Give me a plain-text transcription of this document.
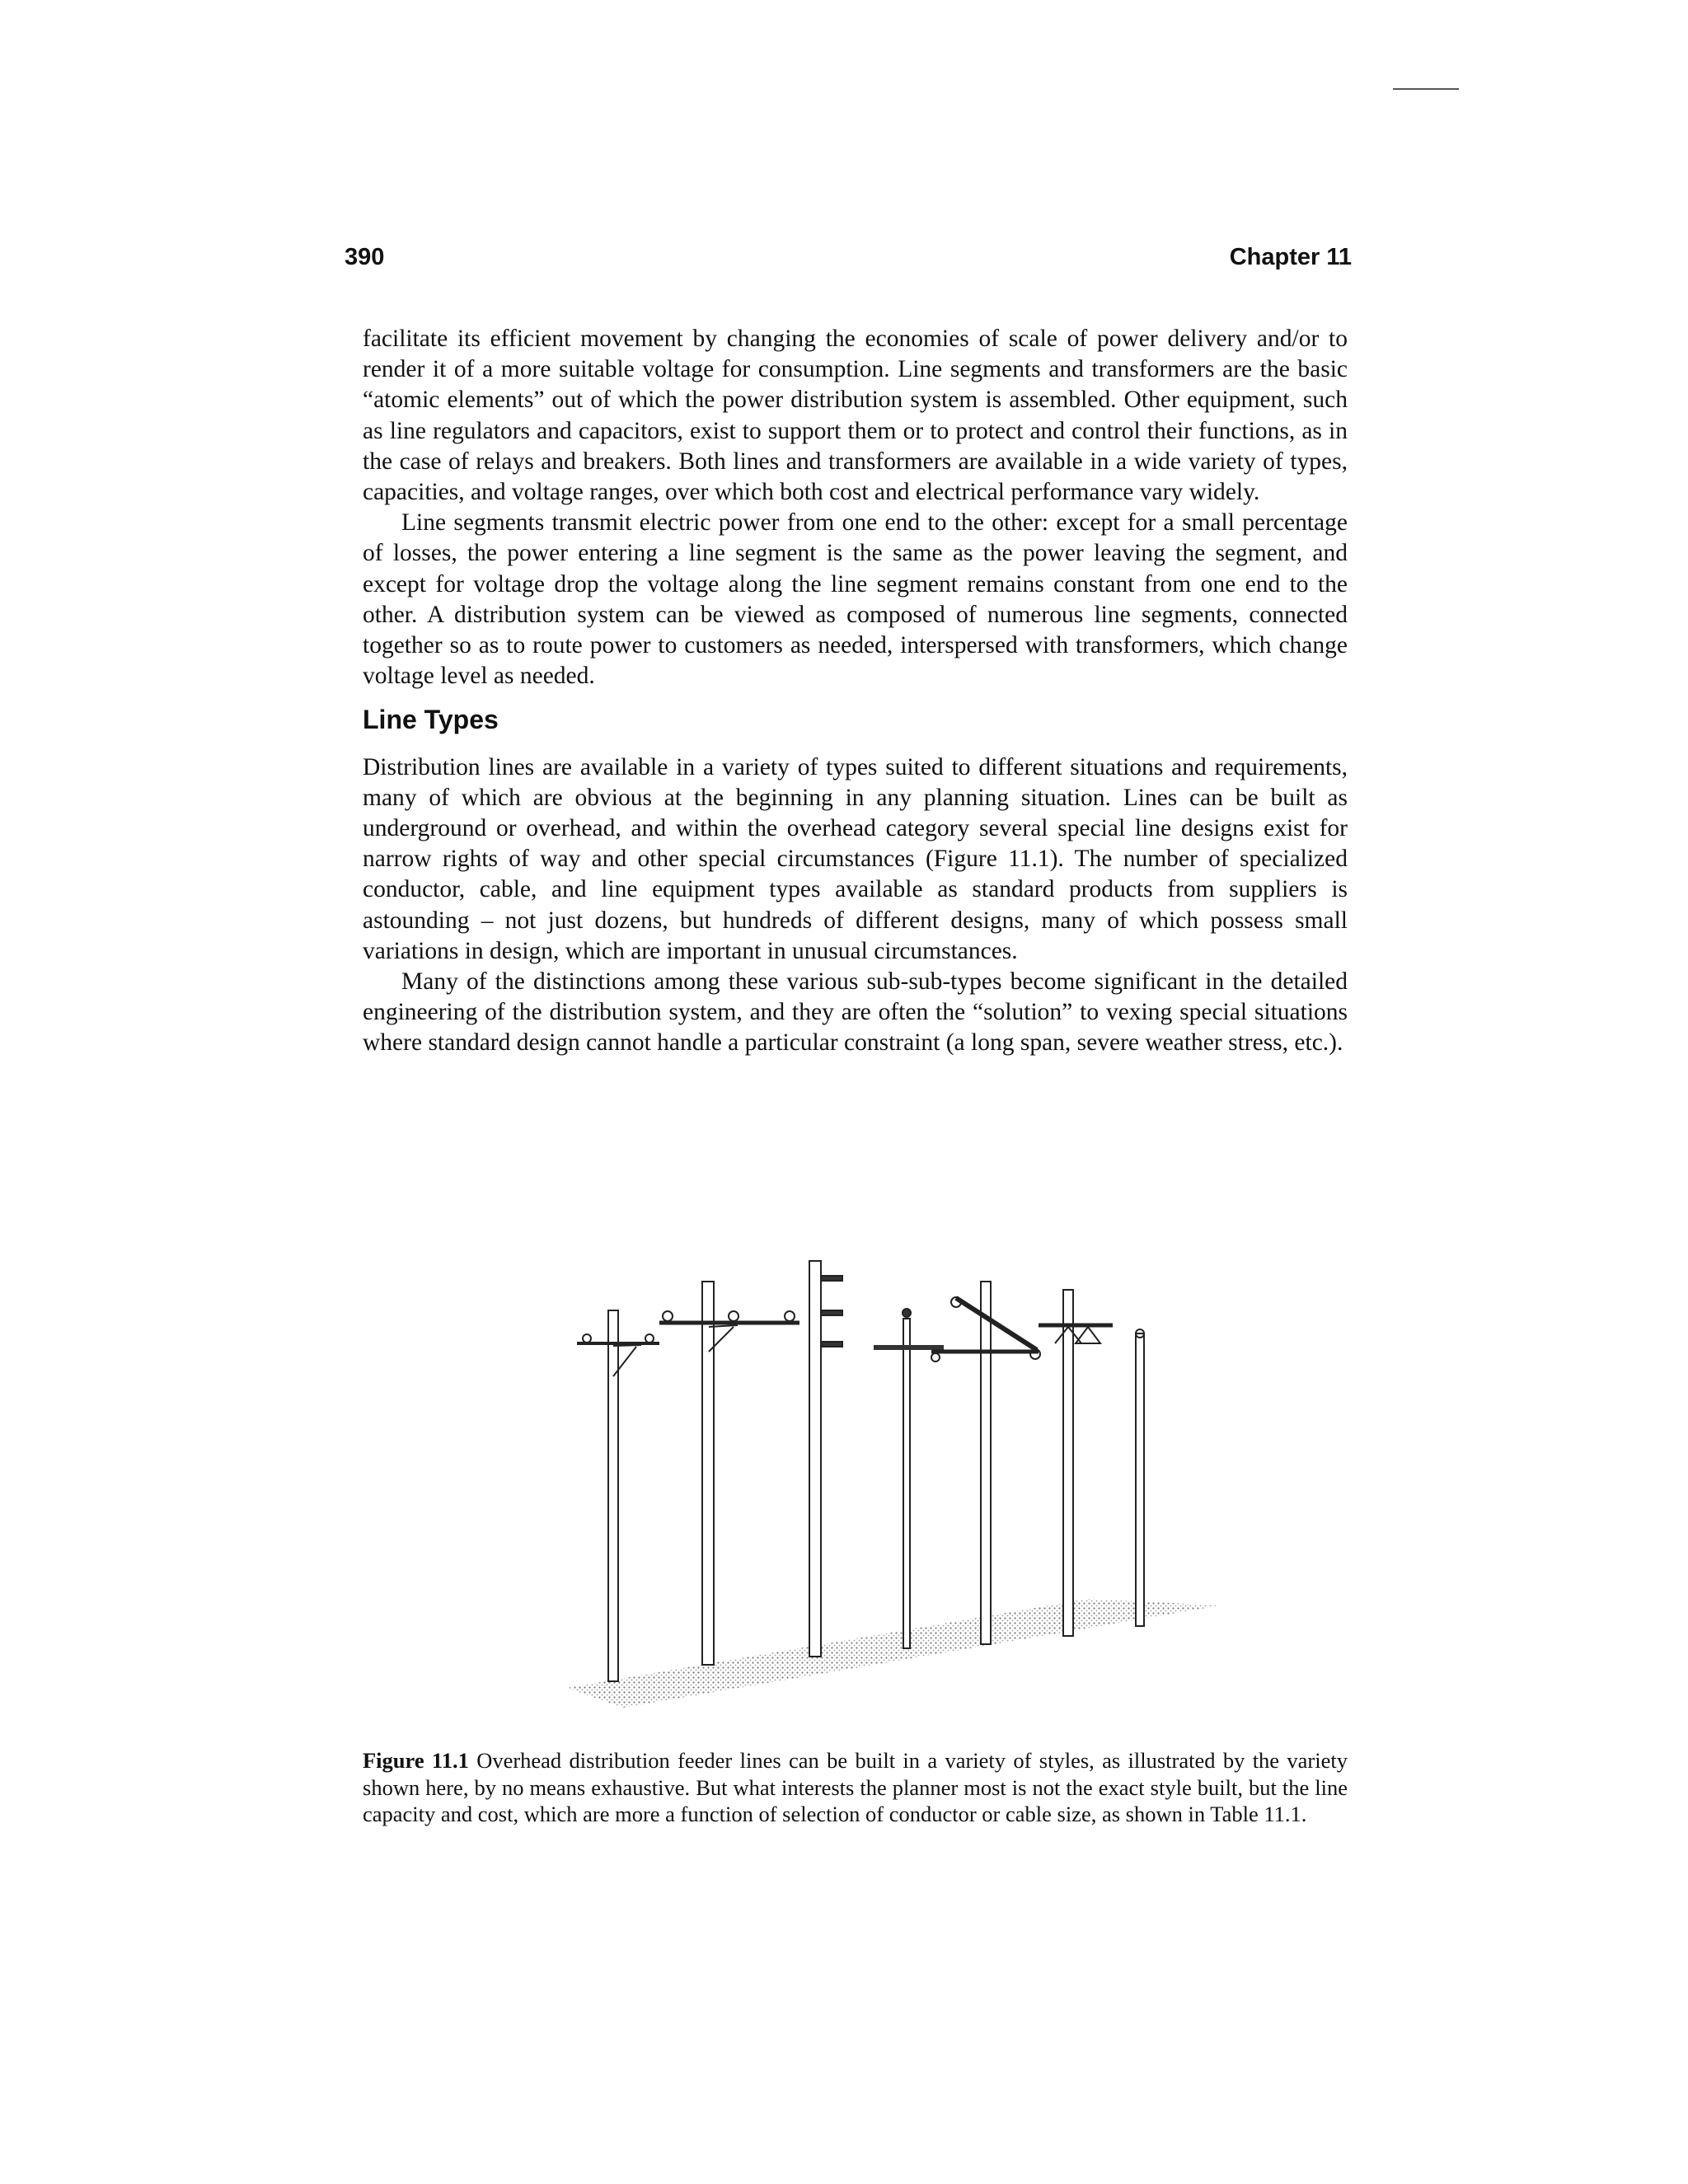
390	Chapter 11

facilitate its efficient movement by changing the economies of scale of power delivery and/or to render it of a more suitable voltage for consumption. Line segments and transformers are the basic “atomic elements” out of which the power distribution system is assembled. Other equipment, such as line regulators and capacitors, exist to support them or to protect and control their functions, as in the case of relays and breakers. Both lines and transformers are available in a wide variety of types, capacities, and voltage ranges, over which both cost and electrical performance vary widely.

Line segments transmit electric power from one end to the other: except for a small percentage of losses, the power entering a line segment is the same as the power leaving the segment, and except for voltage drop the voltage along the line segment remains constant from one end to the other. A distribution system can be viewed as composed of numerous line segments, connected together so as to route power to customers as needed, interspersed with transformers, which change voltage level as needed.

Line Types

Distribution lines are available in a variety of types suited to different situations and requirements, many of which are obvious at the beginning in any planning situation. Lines can be built as underground or overhead, and within the overhead category several special line designs exist for narrow rights of way and other special circumstances (Figure 11.1). The number of specialized conductor, cable, and line equipment types available as standard products from suppliers is astounding – not just dozens, but hundreds of different designs, many of which possess small variations in design, which are important in unusual circumstances.

Many of the distinctions among these various sub-sub-types become significant in the detailed engineering of the distribution system, and they are often the “solution” to vexing special situations where standard design cannot handle a particular constraint (a long span, severe weather stress, etc.).

Figure 11.1 Overhead distribution feeder lines can be built in a variety of styles, as illustrated by the variety shown here, by no means exhaustive. But what interests the planner most is not the exact style built, but the line capacity and cost, which are more a function of selection of conductor or cable size, as shown in Table 11.1.
